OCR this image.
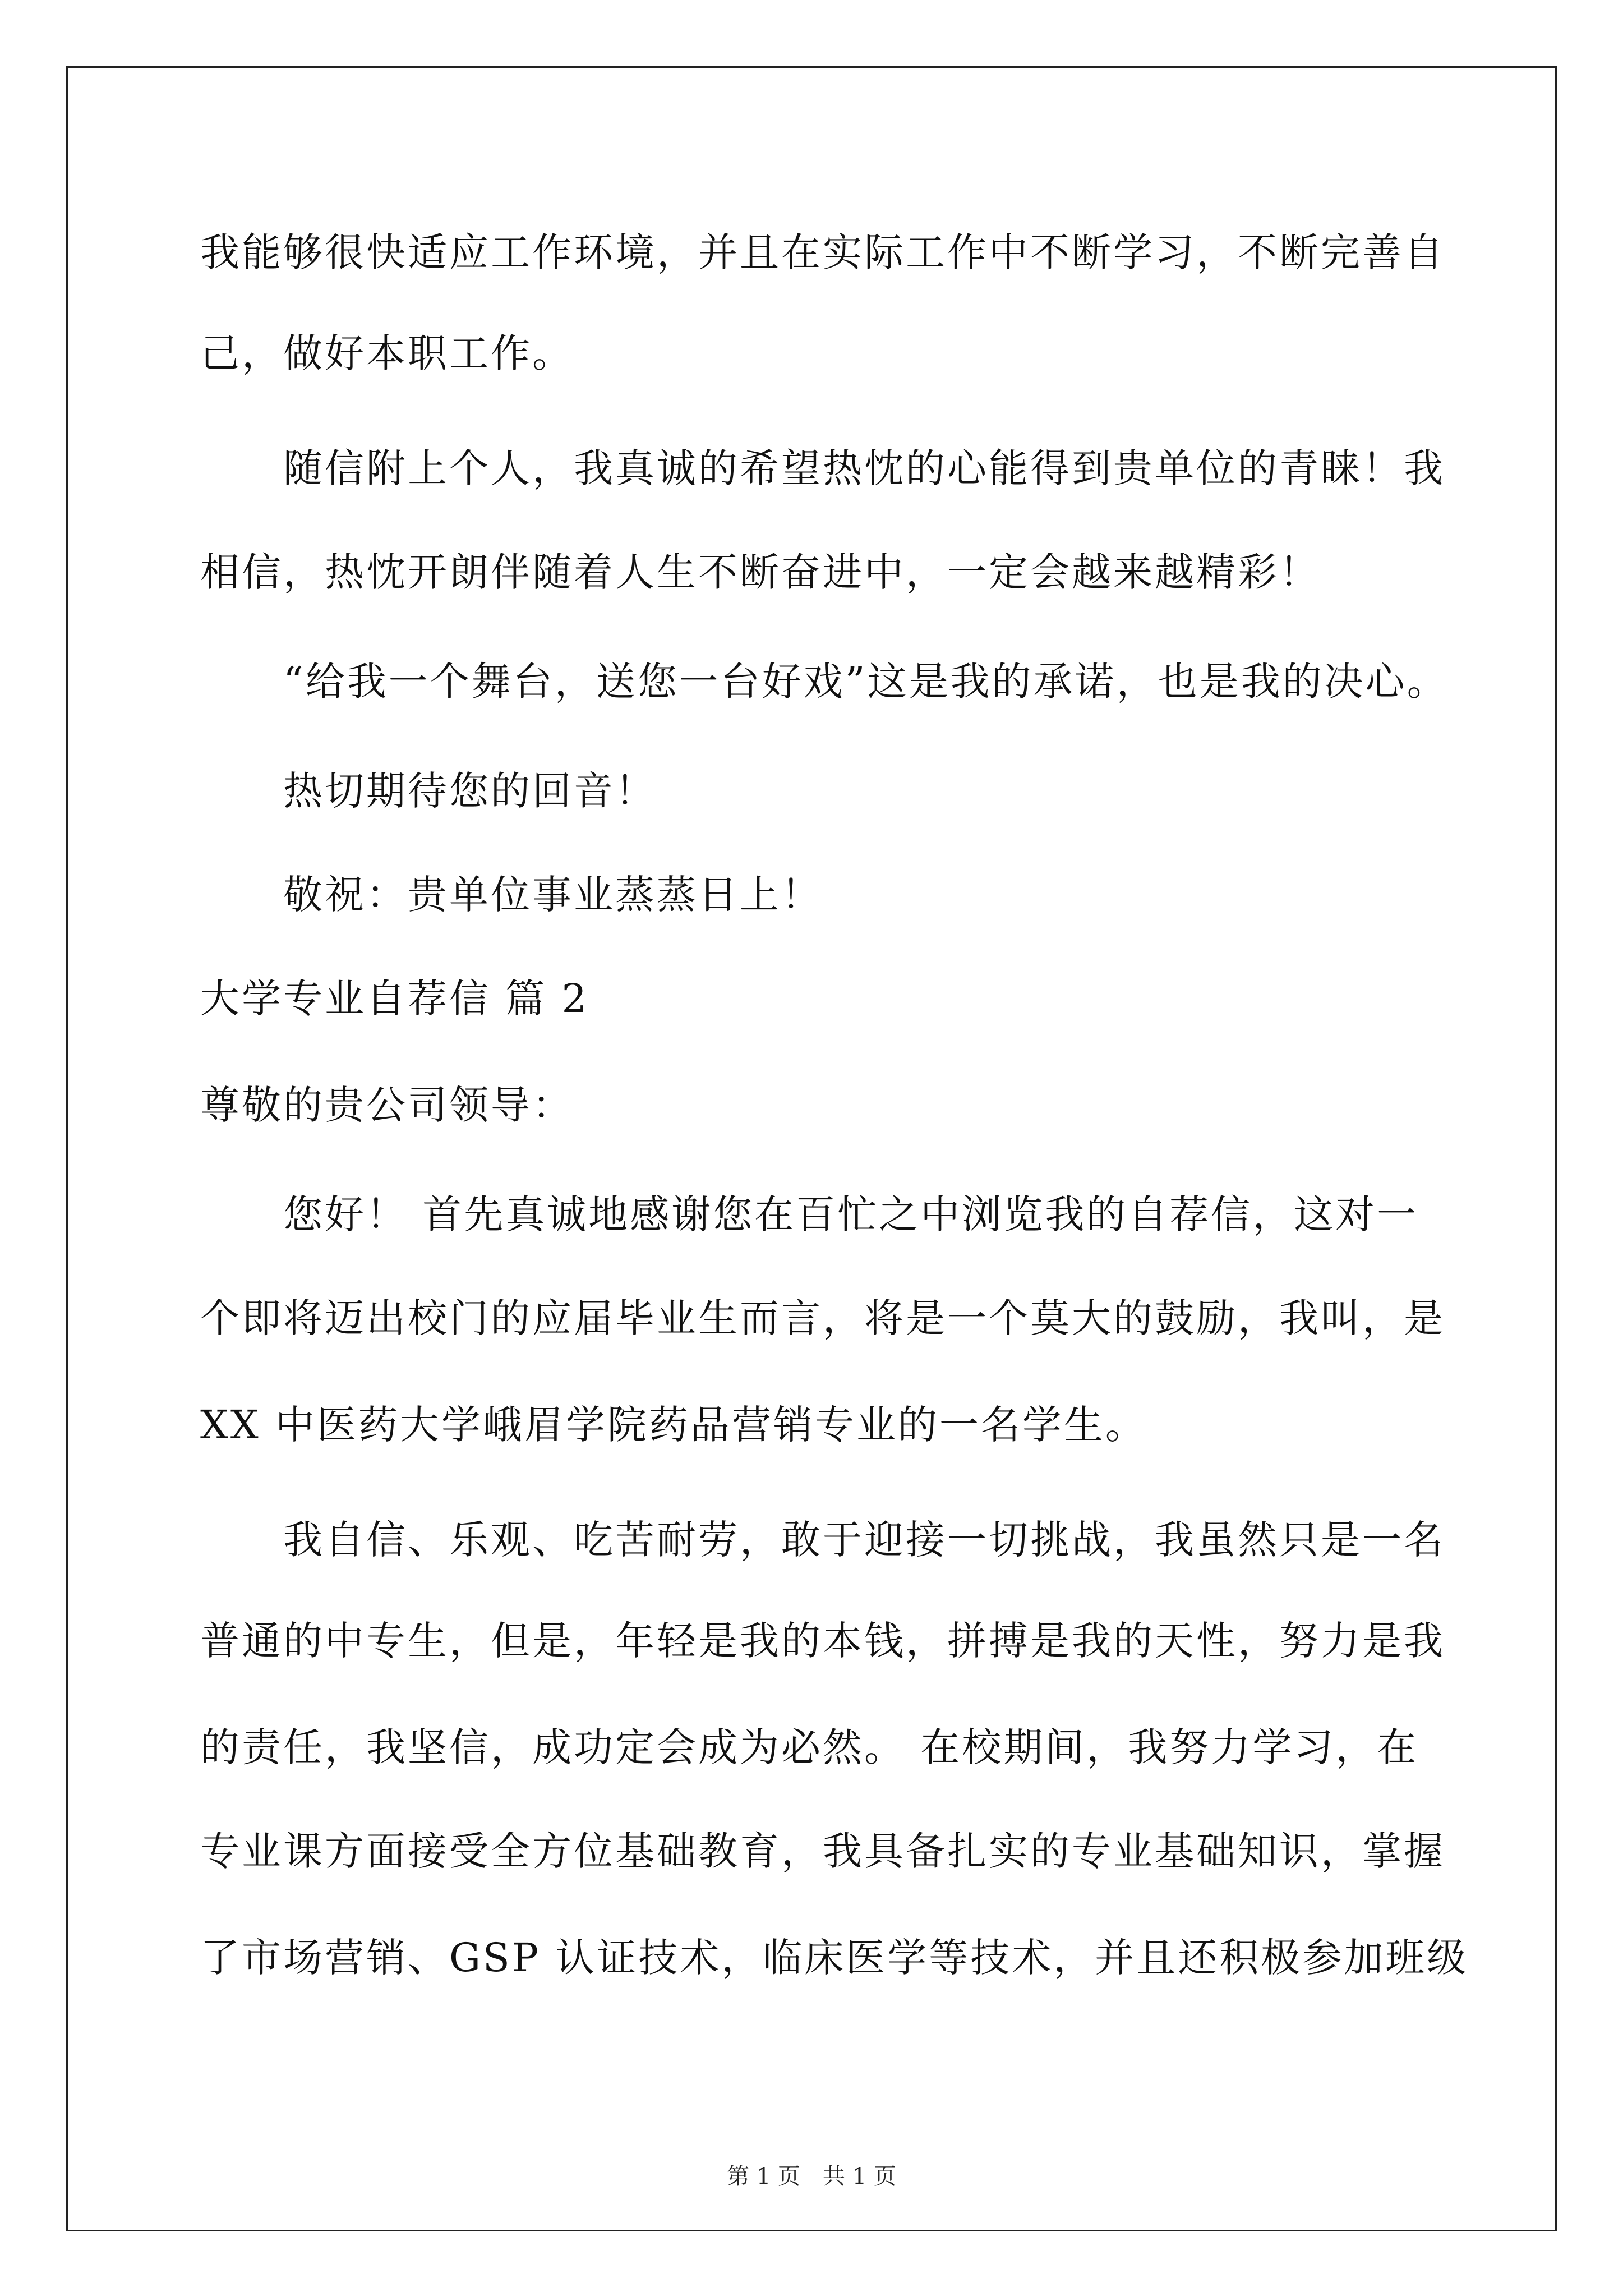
我能够很快适应工作环境，并且在实际工作中不断学习，不断完善自
己，做好本职工作。
随信附上个人，我真诚的希望热忱的心能得到贵单位的青睐！我
相信，热忱开朗伴随着人生不断奋进中，一定会越来越精彩！
“给我一个舞台，送您一台好戏”这是我的承诺，也是我的决心。
热切期待您的回音！
敬祝：贵单位事业蒸蒸日上！
大学专业自荐信 篇 2
尊敬的贵公司领导：
您好！ 首先真诚地感谢您在百忙之中浏览我的自荐信，这对一
个即将迈出校门的应届毕业生而言，将是一个莫大的鼓励，我叫，是
XX 中医药大学峨眉学院药品营销专业的一名学生。
我自信、乐观、吃苦耐劳，敢于迎接一切挑战，我虽然只是一名
普通的中专生，但是，年轻是我的本钱，拼搏是我的天性，努力是我
的责任，我坚信，成功定会成为必然。 在校期间，我努力学习，在
专业课方面接受全方位基础教育，我具备扎实的专业基础知识，掌握
了市场营销、GSP 认证技术，临床医学等技术，并且还积极参加班级
第 1 页 共 1 页
